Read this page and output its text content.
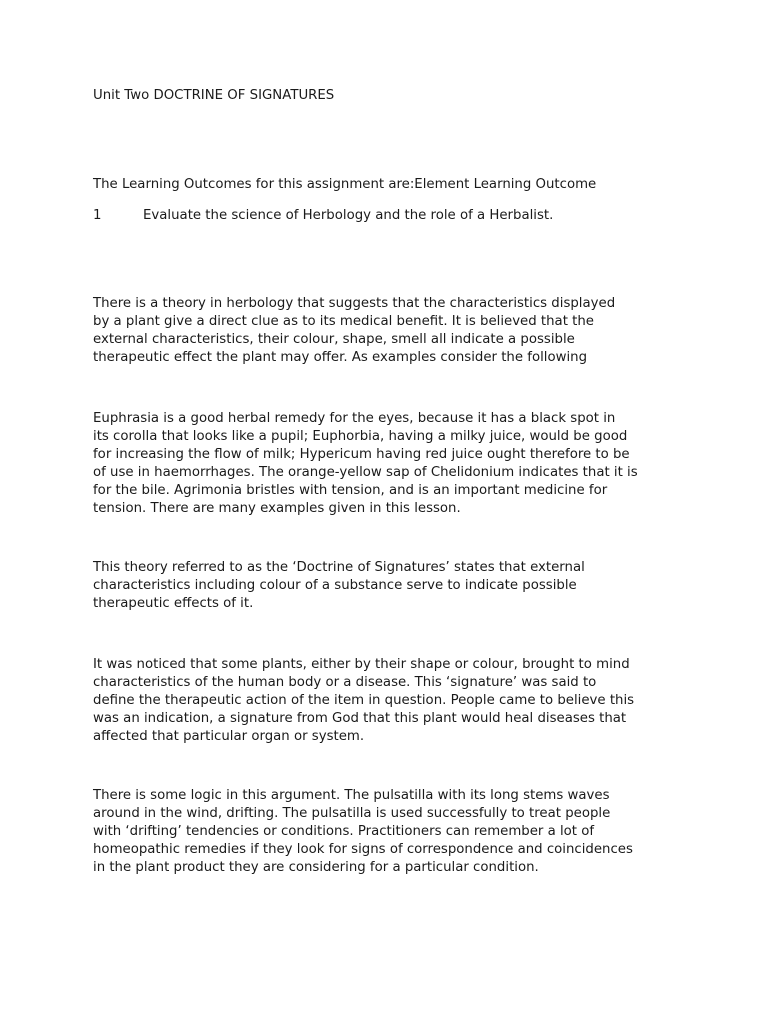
Unit Two DOCTRINE OF SIGNATURES

The Learning Outcomes for this assignment are:Element Learning Outcome

1	Evaluate the science of Herbology and the role of a Herbalist.
There is a theory in herbology that suggests that the characteristics displayed
by a plant give a direct clue as to its medical benefit. It is believed that the
external characteristics, their colour, shape, smell all indicate a possible
therapeutic effect the plant may offer. As examples consider the following
Euphrasia is a good herbal remedy for the eyes, because it has a black spot in
its corolla that looks like a pupil; Euphorbia, having a milky juice, would be good
for increasing the flow of milk; Hypericum having red juice ought therefore to be
of use in haemorrhages. The orange-yellow sap of Chelidonium indicates that it is
for the bile. Agrimonia bristles with tension, and is an important medicine for
tension. There are many examples given in this lesson.
This theory referred to as the ‘Doctrine of Signatures’ states that external
characteristics including colour of a substance serve to indicate possible
therapeutic effects of it.
It was noticed that some plants, either by their shape or colour, brought to mind
characteristics of the human body or a disease. This ‘signature’ was said to
define the therapeutic action of the item in question. People came to believe this
was an indication, a signature from God that this plant would heal diseases that
affected that particular organ or system.
There is some logic in this argument. The pulsatilla with its long stems waves
around in the wind, drifting. The pulsatilla is used successfully to treat people
with ‘drifting’ tendencies or conditions. Practitioners can remember a lot of
homeopathic remedies if they look for signs of correspondence and coincidences
in the plant product they are considering for a particular condition.
